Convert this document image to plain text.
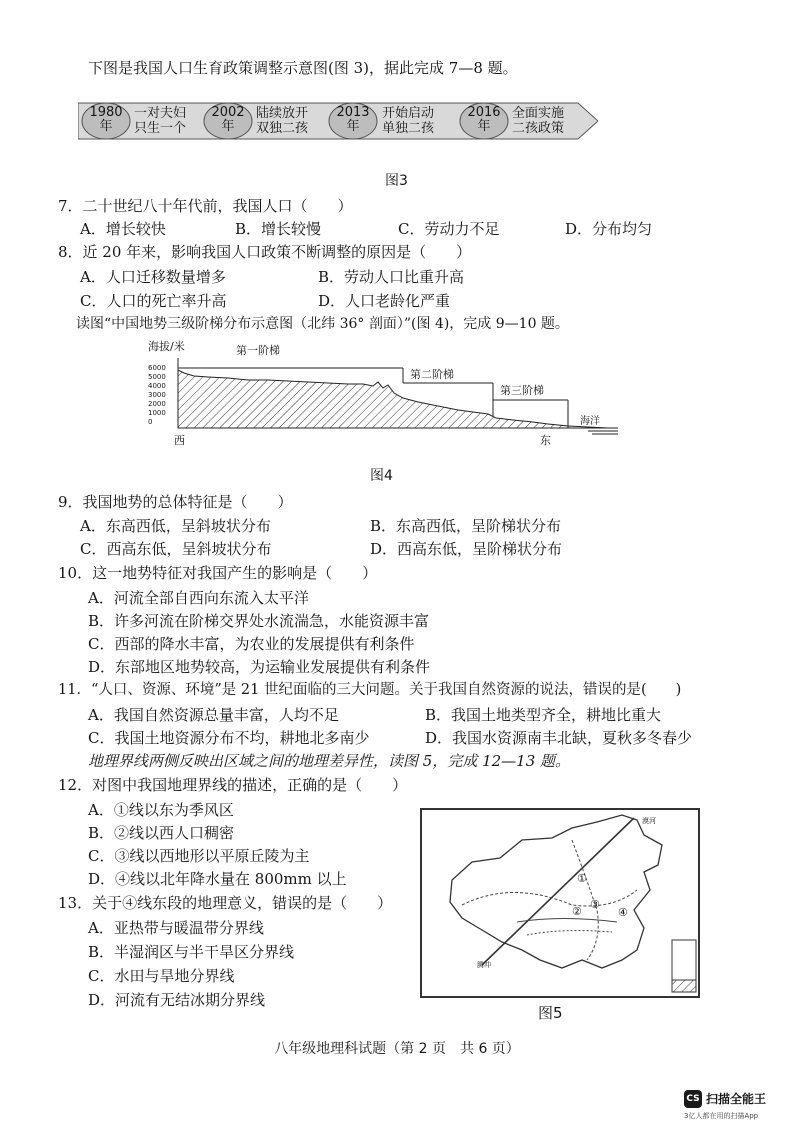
下图是我国人口生育政策调整示意图(图 3)，据此完成 7—8 题。
1980
年
一对夫妇
只生一个
2002
年
陆续放开
双独二孩
2013
年
开始启动
单独二孩
2016
年
全面实施
二孩政策
图3
7．二十世纪八十年代前，我国人口（　　）
A．增长较快	B．增长较慢	C．劳动力不足	D．分布均匀
8．近 20 年来，影响我国人口政策不断调整的原因是（　　）
A．人口迁移数量增多	B．劳动人口比重升高
C．人口的死亡率升高	D．人口老龄化严重
读图“中国地势三级阶梯分布示意图（北纬 36° 剖面）”(图 4)，完成 9—10 题。
海拔/米
6000
5000
4000
3000
2000
1000
0
第一阶梯
第二阶梯
第三阶梯
海洋
西	东
图4
9．我国地势的总体特征是（　　）
A．东高西低，呈斜坡状分布	B．东高西低，呈阶梯状分布
C．西高东低，呈斜坡状分布	D．西高东低，呈阶梯状分布
10．这一地势特征对我国产生的影响是（　　）
A．河流全部自西向东流入太平洋
B．许多河流在阶梯交界处水流湍急，水能资源丰富
C．西部的降水丰富，为农业的发展提供有利条件
D．东部地区地势较高，为运输业发展提供有利条件
11．“人口、资源、环境”是 21 世纪面临的三大问题。关于我国自然资源的说法，错误的是(　　)
A．我国自然资源总量丰富，人均不足	B．我国土地类型齐全，耕地比重大
C．我国土地资源分布不均，耕地北多南少	D．我国水资源南丰北缺，夏秋多冬春少
地理界线两侧反映出区域之间的地理差异性，读图 5，完成 12—13 题。
12．对图中我国地理界线的描述，正确的是（　　）
A．①线以东为季风区
B．②线以西人口稠密
C．③线以西地形以平原丘陵为主
D．④线以北年降水量在 800mm 以上
13．关于④线东段的地理意义，错误的是（　　）
A．亚热带与暖温带分界线
B．半湿润区与半干旱区分界线
C．水田与旱地分界线
D．河流有无结冰期分界线
①
②
③
④
漠河
腾冲
图5
八年级地理科试题（第 2 页　共 6 页）
CS 扫描全能王
3亿人都在用的扫描App
